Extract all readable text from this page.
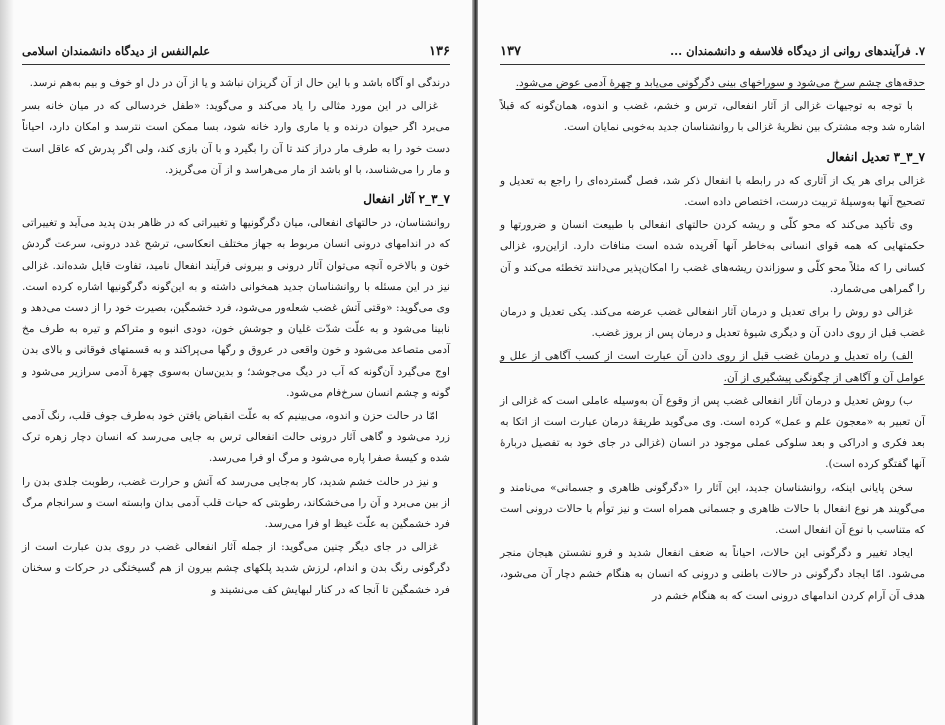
۱۳۶
علم‌النفس از دیدگاه دانشمندان اسلامی

درندگی او آگاه باشد و با این حال از آن گریزان نباشد و یا از آن در دل او خوف و بیم به‌هم نرسد.

غزالی در این مورد مثالی را یاد می‌کند و می‌گوید: «طفل خردسالی که در میان خانه بسر می‌برد اگر حیوان درنده و یا ماری وارد خانه شود، بسا ممکن است نترسد و امکان دارد، احیاناً دست خود را به طرف مار دراز کند تا آن را بگیرد و با آن بازی کند، ولی اگر پدرش که عاقل است و مار را می‌شناسد، با او باشد از مار می‌هراسد و از آن می‌گریزد.

۷_۳_۲ آثار انفعال

روانشناسان، در حالتهای انفعالی، میان دگرگونیها و تغییراتی که در ظاهر بدن پدید می‌آید و تغییراتی که در اندامهای درونی انسان مربوط به جهاز مختلف انعکاسی، ترشح غدد درونی، سرعت گردش خون و بالاخره آنچه می‌توان آثار درونی و بیرونی فرآیند انفعال نامید، تفاوت قایل شده‌اند. غزالی نیز در این مسئله با روانشناسان جدید همخوانی داشته و به این‌گونه دگرگونیها اشاره کرده است. وی می‌گوید: «وقتی آتش غضب شعله‌ور می‌شود، فرد خشمگین، بصیرت خود را از دست می‌دهد و نابینا می‌شود و به علّت شدّت غلیان و جوشش خون، دودی انبوه و متراکم و تیره به طرف مخ آدمی متصاعد می‌شود و خون واقعی در عروق و رگها می‌پراکند و به قسمتهای فوقانی و بالای بدن اوج می‌گیرد آن‌گونه که آب در دیگ می‌جوشد؛ و بدین‌سان به‌سوی چهرهٔ آدمی سرازیر می‌شود و گونه و چشم انسان سرخ‌فام می‌شود.

امّا در حالت حزن و اندوه، می‌بینیم که به علّت انقباض یافتن خود به‌طرف جوف قلب، رنگ آدمی زرد می‌شود و گاهی آثار درونی حالت انفعالی ترس به جایی می‌رسد که انسان دچار زهره ترک شده و کیسهٔ صفرا پاره می‌شود و مرگ او فرا می‌رسد.

و نیز در حالت خشم شدید، کار به‌جایی می‌رسد که آتش و حرارت غضب، رطوبت جلدی بدن را از بین می‌برد و آن را می‌خشکاند، رطوبتی که حیات قلب آدمی بدان وابسته است و سرانجام مرگ فرد خشمگین به علّت غیظ او فرا می‌رسد.

غزالی در جای دیگر چنین می‌گوید: از جمله آثار انفعالی غضب در روی بدن عبارت است از دگرگونی رنگ بدن و اندام، لرزش شدید پلکهای چشم بیرون از هم گسیختگی در حرکات و سخنان فرد خشمگین تا آنجا که در کنار لبهایش کف می‌نشیند و

۷. فرآیندهای روانی از دیدگاه فلاسفه و دانشمندان ...
۱۳۷

حدقه‌های چشم سرخ می‌شود و سوراخهای بینی دگرگونی می‌یابد و چهرهٔ آدمی عوض می‌شود.

با توجه به توجیهات غزالی از آثار انفعالی، ترس و خشم، غضب و اندوه، همان‌گونه که قبلاً اشاره شد وجه مشترک بین نظریهٔ غزالی با روانشناسان جدید به‌خوبی نمایان است.

۷_۳_۳ تعدیل انفعال

غزالی برای هر یک از آثاری که در رابطه با انفعال ذکر شد، فصل گسترده‌ای را راجع به تعدیل و تصحیح آنها به‌وسیلهٔ تربیت درست، اختصاص داده است.

وی تأکید می‌کند که محو کلّی و ریشه کردن حالتهای انفعالی با طبیعت انسان و ضرورتها و حکمتهایی که همه قوای انسانی به‌خاطر آنها آفریده شده است منافات دارد. ازاین‌رو، غزالی کسانی را که مثلاً محو کلّی و سوزاندن ریشه‌های غضب را امکان‌پذیر می‌دانند تخطئه می‌کند و آن را گمراهی می‌شمارد.

غزالی دو روش را برای تعدیل و درمان آثار انفعالی غضب عرضه می‌کند. یکی تعدیل و درمان غضب قبل از روی دادن آن و دیگری شیوهٔ تعدیل و درمان پس از بروز غضب.

الف) راه تعدیل و درمان غضب قبل از روی دادن آن عبارت است از کسب آگاهی از علل و عوامل آن و آگاهی از چگونگی پیشگیری از آن.

ب) روش تعدیل و درمان آثار انفعالی غضب پس از وقوع آن به‌وسیله عاملی است که غزالی از آن تعبیر به «معجون علم و عمل» کرده است. وی می‌گوید طریقهٔ درمان عبارت است از اتکا به بعد فکری و ادراکی و بعد سلوکی عملی موجود در انسان (غزالی در جای خود به تفصیل دربارهٔ آنها گفتگو کرده است).

سخن پایانی اینکه، روانشناسان جدید، این آثار را «دگرگونی ظاهری و جسمانی» می‌نامند و می‌گویند هر نوع انفعال با حالات ظاهری و جسمانی همراه است و نیز توأم با حالات درونی است که متناسب با نوع آن انفعال است.

ایجاد تغییر و دگرگونی این حالات، احیاناً به ضعف انفعال شدید و فرو نشستن هیجان منجر می‌شود. امّا ایجاد دگرگونی در حالات باطنی و درونی که انسان به هنگام خشم دچار آن می‌شود، هدف آن آرام کردن اندامهای درونی است که به هنگام خشم در
